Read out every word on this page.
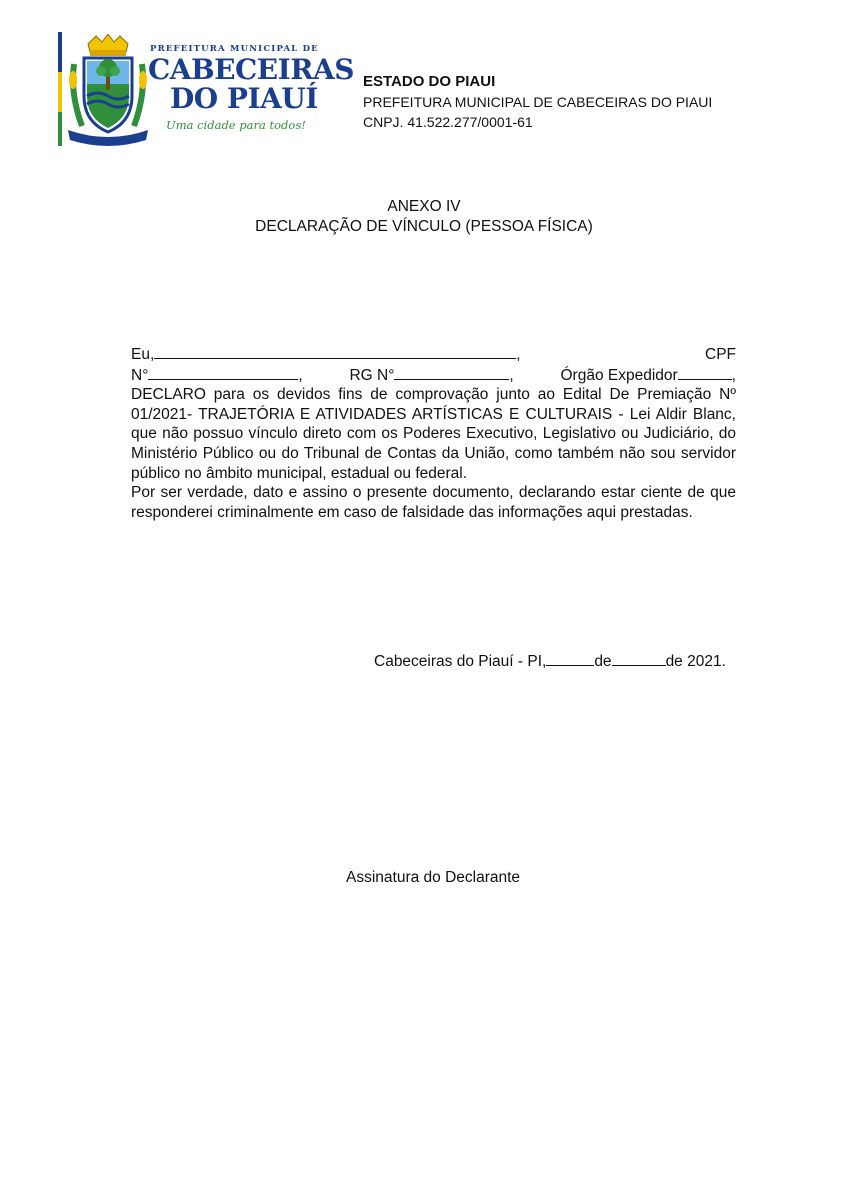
PREFEITURA MUNICIPAL DE
CABECEIRAS
DO PIAUÍ
Uma cidade para todos!
ESTADO DO PIAUI
PREFEITURA MUNICIPAL DE CABECEIRAS DO PIAUI
CNPJ. 41.522.277/0001-61
ANEXO IV
DECLARAÇÃO DE VÍNCULO (PESSOA FÍSICA)
Eu,	,	CPF
N°	,	RG N°	,	Órgão Expedidor	,

DECLARO para os devidos fins de comprovação junto ao Edital De Premiação Nº 01/2021- TRAJETÓRIA E ATIVIDADES ARTÍSTICAS E CULTURAIS - Lei Aldir Blanc, que não possuo vínculo direto com os Poderes Executivo, Legislativo ou Judiciário, do Ministério Público ou do Tribunal de Contas da União, como também não sou servidor público no âmbito municipal, estadual ou federal.

Por ser verdade, dato e assino o presente documento, declarando estar ciente de que responderei criminalmente em caso de falsidade das informações aqui prestadas.

Cabeceiras do Piauí - PI,	de	de 2021.
Assinatura do Declarante
